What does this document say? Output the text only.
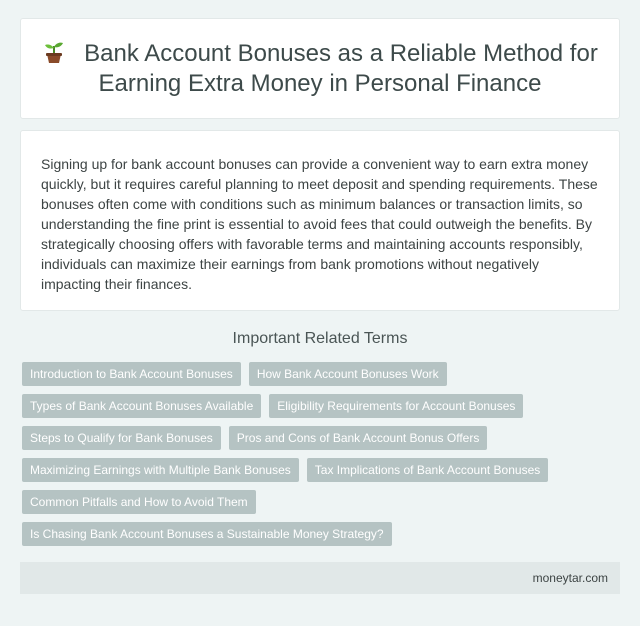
Bank Account Bonuses as a Reliable Method for Earning Extra Money in Personal Finance
Signing up for bank account bonuses can provide a convenient way to earn extra money quickly, but it requires careful planning to meet deposit and spending requirements. These bonuses often come with conditions such as minimum balances or transaction limits, so understanding the fine print is essential to avoid fees that could outweigh the benefits. By strategically choosing offers with favorable terms and maintaining accounts responsibly, individuals can maximize their earnings from bank promotions without negatively impacting their finances.
Important Related Terms
Introduction to Bank Account Bonuses	How Bank Account Bonuses Work
Types of Bank Account Bonuses Available	Eligibility Requirements for Account Bonuses
Steps to Qualify for Bank Bonuses	Pros and Cons of Bank Account Bonus Offers
Maximizing Earnings with Multiple Bank Bonuses	Tax Implications of Bank Account Bonuses
Common Pitfalls and How to Avoid Them
Is Chasing Bank Account Bonuses a Sustainable Money Strategy?
moneytar.com
